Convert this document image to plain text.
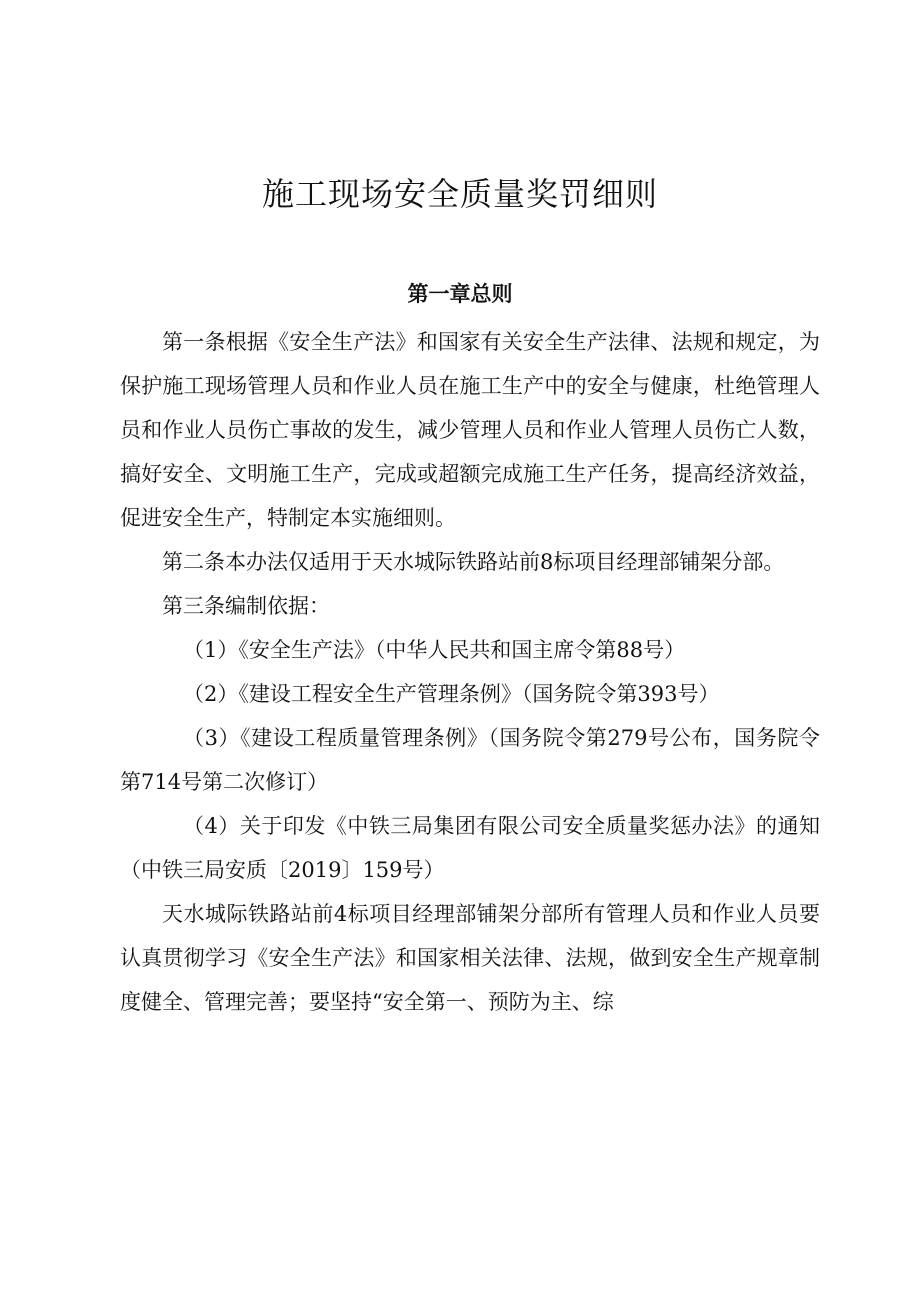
施工现场安全质量奖罚细则
第一章总则

第一条根据《安全生产法》和国家有关安全生产法律、法规和规定，为保护施工现场管理人员和作业人员在施工生产中的安全与健康，杜绝管理人员和作业人员伤亡事故的发生，减少管理人员和作业人管理人员伤亡人数，搞好安全、文明施工生产，完成或超额完成施工生产任务，提高经济效益，促进安全生产，特制定本实施细则。

第二条本办法仅适用于天水城际铁路站前8标项目经理部铺架分部。

第三条编制依据：

（1）《安全生产法》（中华人民共和国主席令第88号）

（2）《建设工程安全生产管理条例》（国务院令第393号）

（3）《建设工程质量管理条例》（国务院令第279号公布，国务院令第714号第二次修订）

（4）关于印发《中铁三局集团有限公司安全质量奖惩办法》的通知（中铁三局安质〔2019〕159号）

天水城际铁路站前4标项目经理部铺架分部所有管理人员和作业人员要认真贯彻学习《安全生产法》和国家相关法律、法规，做到安全生产规章制度健全、管理完善；要坚持“安全第一、预防为主、综
